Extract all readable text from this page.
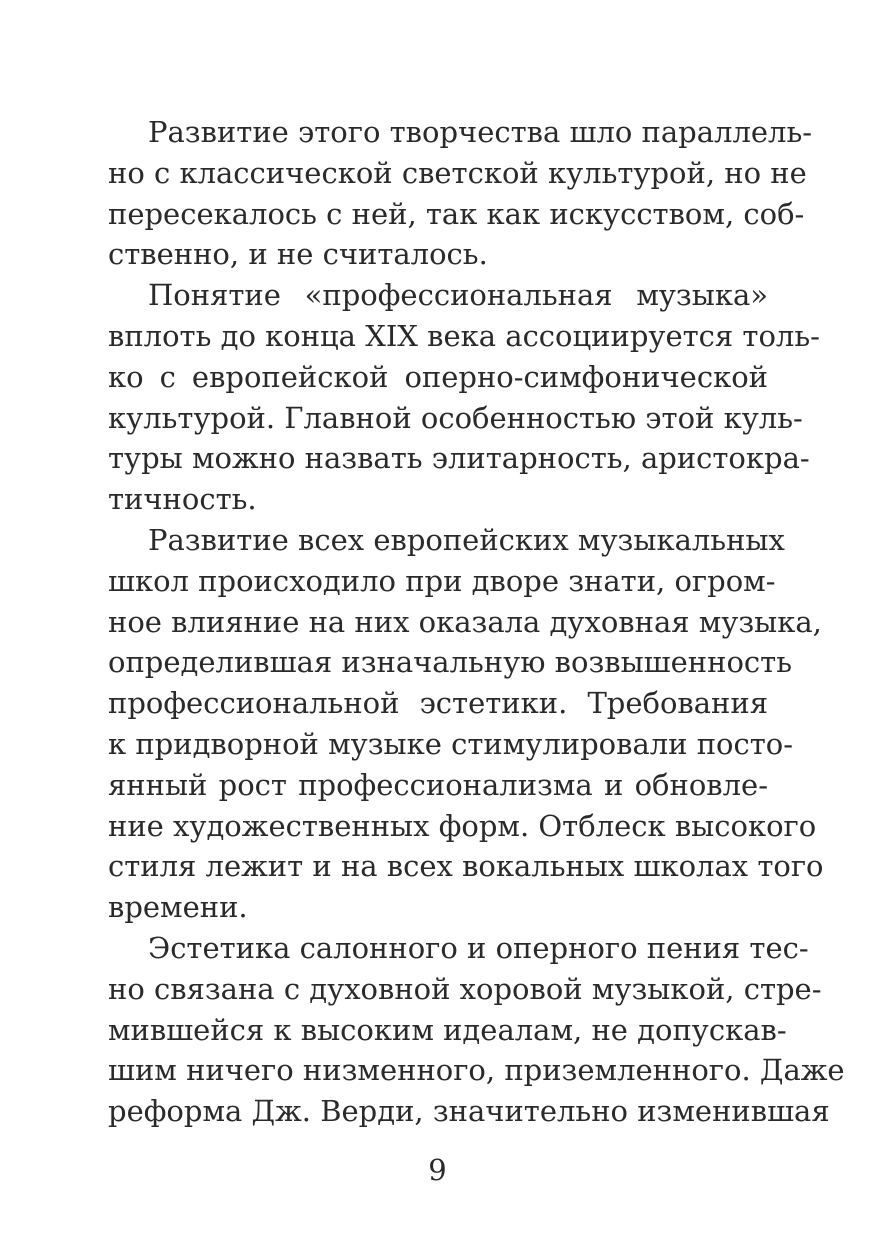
Развитие этого творчества шло параллель-
но с классической светской культурой, но не
пересекалось с ней, так как искусством, соб-
ственно, и не считалось.
Понятие «профессиональная музыка»
вплоть до конца XIX века ассоциируется толь-
ко с европейской оперно-симфонической
культурой. Главной особенностью этой куль-
туры можно назвать элитарность, аристокра-
тичность.
Развитие всех европейских музыкальных
школ происходило при дворе знати, огром-
ное влияние на них оказала духовная музыка,
определившая изначальную возвышенность
профессиональной эстетики. Требования
к придворной музыке стимулировали посто-
янный рост профессионализма и обновле-
ние художественных форм. Отблеск высокого
стиля лежит и на всех вокальных школах того
времени.
Эстетика салонного и оперного пения тес-
но связана с духовной хоровой музыкой, стре-
мившейся к высоким идеалам, не допускав-
шим ничего низменного, приземленного. Даже
реформа Дж. Верди, значительно изменившая
9
